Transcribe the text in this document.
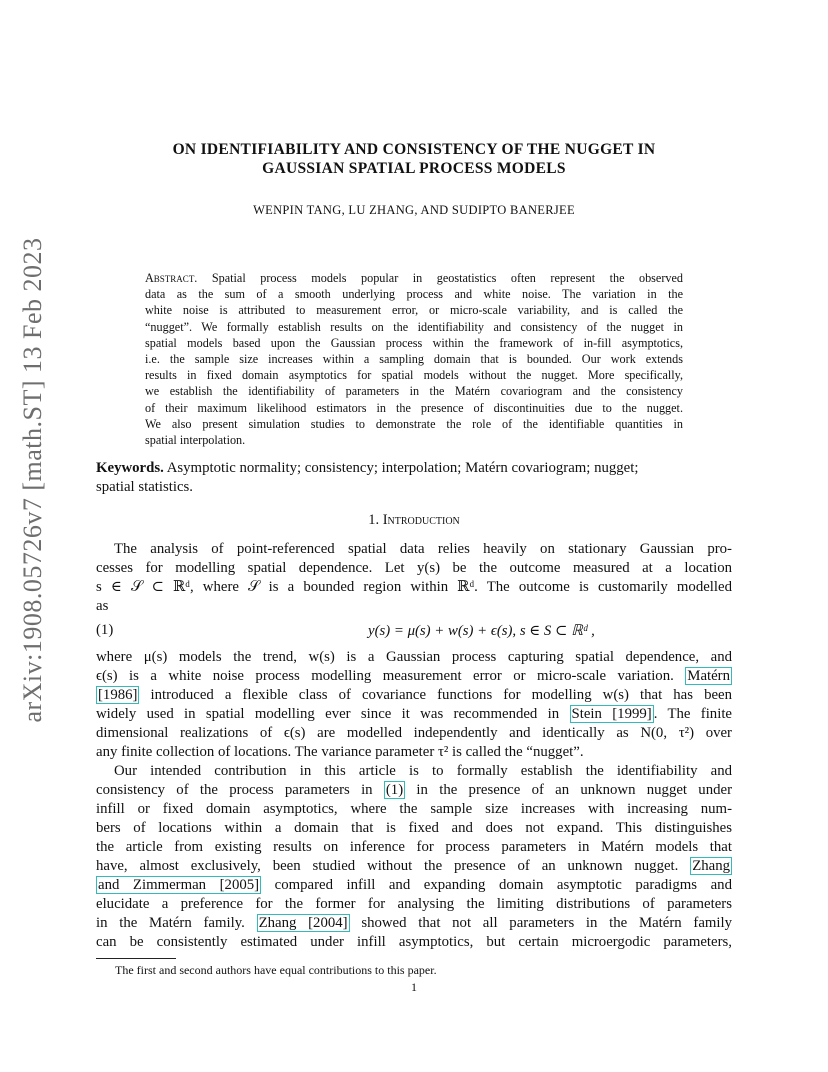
arXiv:1908.05726v7 [math.ST] 13 Feb 2023
ON IDENTIFIABILITY AND CONSISTENCY OF THE NUGGET IN
GAUSSIAN SPATIAL PROCESS MODELS
WENPIN TANG, LU ZHANG, AND SUDIPTO BANERJEE
Abstract. Spatial process models popular in geostatistics often represent the observed
data as the sum of a smooth underlying process and white noise. The variation in the
white noise is attributed to measurement error, or micro-scale variability, and is called the
“nugget”. We formally establish results on the identifiability and consistency of the nugget in
spatial models based upon the Gaussian process within the framework of in-fill asymptotics,
i.e. the sample size increases within a sampling domain that is bounded. Our work extends
results in fixed domain asymptotics for spatial models without the nugget. More specifically,
we establish the identifiability of parameters in the Matérn covariogram and the consistency
of their maximum likelihood estimators in the presence of discontinuities due to the nugget.
We also present simulation studies to demonstrate the role of the identifiable quantities in
spatial interpolation.
Keywords. Asymptotic normality; consistency; interpolation; Matérn covariogram; nugget;
spatial statistics.
1. Introduction
The analysis of point-referenced spatial data relies heavily on stationary Gaussian pro-
cesses for modelling spatial dependence. Let y(s) be the outcome measured at a location
s ∈ 𝒮 ⊂ ℝᵈ, where 𝒮 is a bounded region within ℝᵈ. The outcome is customarily modelled
as
(1)	y(s) = μ(s) + w(s) + ϵ(s), s ∈ S ⊂ ℝᵈ ,
where μ(s) models the trend, w(s) is a Gaussian process capturing spatial dependence, and
ϵ(s) is a white noise process modelling measurement error or micro-scale variation. Matérn
[1986] introduced a flexible class of covariance functions for modelling w(s) that has been
widely used in spatial modelling ever since it was recommended in Stein [1999] . The finite
dimensional realizations of ϵ(s) are modelled independently and identically as N(0, τ²) over
any finite collection of locations. The variance parameter τ² is called the “nugget”.
Our intended contribution in this article is to formally establish the identifiability and
consistency of the process parameters in (1) in the presence of an unknown nugget under
infill or fixed domain asymptotics, where the sample size increases with increasing num-
bers of locations within a domain that is fixed and does not expand. This distinguishes
the article from existing results on inference for process parameters in Matérn models that
have, almost exclusively, been studied without the presence of an unknown nugget. Zhang
and Zimmerman [2005] compared infill and expanding domain asymptotic paradigms and
elucidate a preference for the former for analysing the limiting distributions of parameters
in the Matérn family. Zhang [2004] showed that not all parameters in the Matérn family
can be consistently estimated under infill asymptotics, but certain microergodic parameters,
The first and second authors have equal contributions to this paper.
1
